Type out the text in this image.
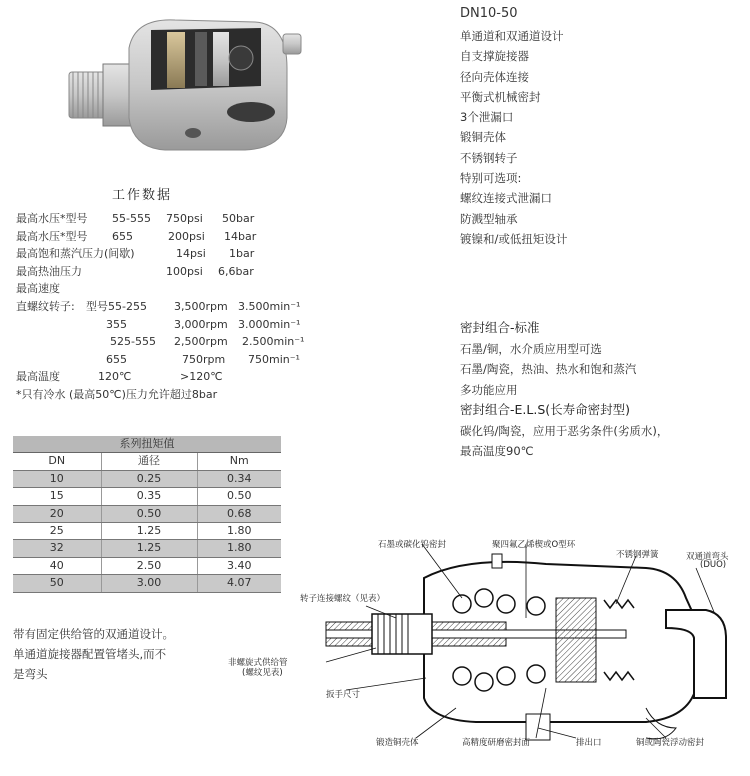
DN10-50
单通道和双通道设计
自支撑旋接器
径向壳体连接
平衡式机械密封
3个泄漏口
锻铜壳体
不锈钢转子
特别可选项:
螺纹连接式泄漏口
防溅型轴承
镀镍和/或低扭矩设计
工作数据
最高水压*型号 55-555 750psi 50bar
最高水压*型号 655	200psi 14bar
最高饱和蒸汽压力(间歇)	14psi 1bar
最高热油压力	100psi 6,6bar
最高速度
直螺纹转子: 型号55-255 3,500rpm 3.500min⁻¹
355	3,000rpm 3.000min⁻¹
525-555 2,500rpm 2.500min⁻¹
655	750rpm 750min⁻¹
最高温度	120℃	>120℃
*只有冷水 (最高50℃)压力允许超过8bar
系列扭矩值		
DN	通径	Nm
10	0.25	0.34
15	0.35	0.50
20	0.50	0.68
25	1.25	1.80
32	1.25	1.80
40	2.50	3.40
50	3.00	4.07
密封组合-标准
石墨/铜，水介质应用型可选
石墨/陶瓷，热油、热水和饱和蒸汽
多功能应用
密封组合-E.L.S(长寿命密封型)
碳化钨/陶瓷，应用于恶劣条件(劣质水)，
最高温度90℃
带有固定供给管的双通道设计。
单通道旋接器配置管堵头,而不
是弯头
石墨或碳化钨密封	聚四氟乙烯楔或O型环
不锈钢弹簧	双通道弯头
(DUO)
转子连接螺纹（见表）
非螺旋式供给管
(螺纹见表)
扳手尺寸
锻造铜壳体	高精度研磨密封面	排出口	铜或陶瓷浮动密封
